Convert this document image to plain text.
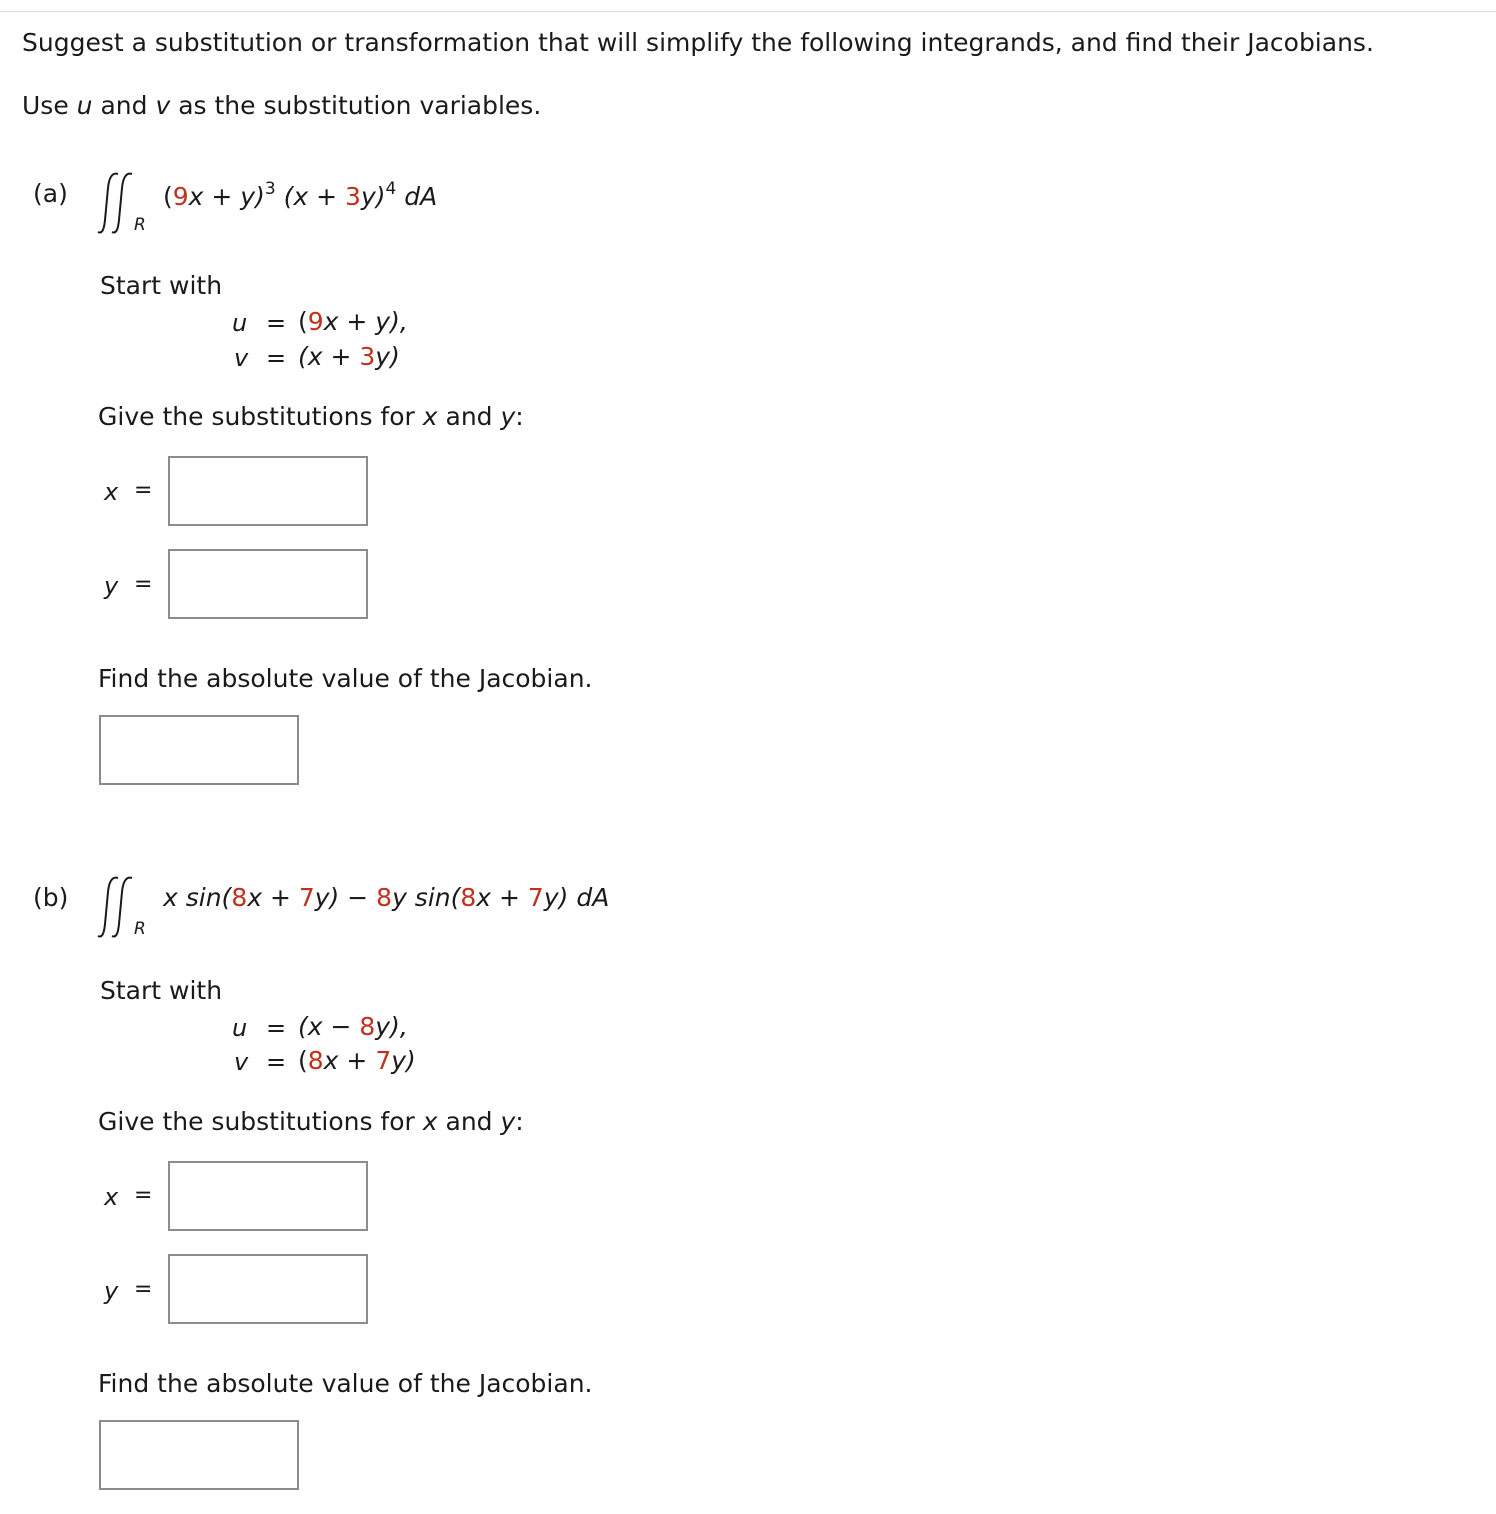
Suggest a substitution or transformation that will simplify the following integrands, and find their Jacobians.
Use u and v as the substitution variables.
(a)
R
$(9x + y)^3$ $(x + 3y)^4$ dA
Start with
u = (9x + y),
v = (x + 3y)
Give the substitutions for x and y:
x =
y =
Find the absolute value of the Jacobian.
(b)
R
x sin(8x + 7y) − 8y sin(8x + 7y) dA
Start with
u = (x − 8y),
v = (8x + 7y)
Give the substitutions for x and y:
x =
y =
Find the absolute value of the Jacobian.
